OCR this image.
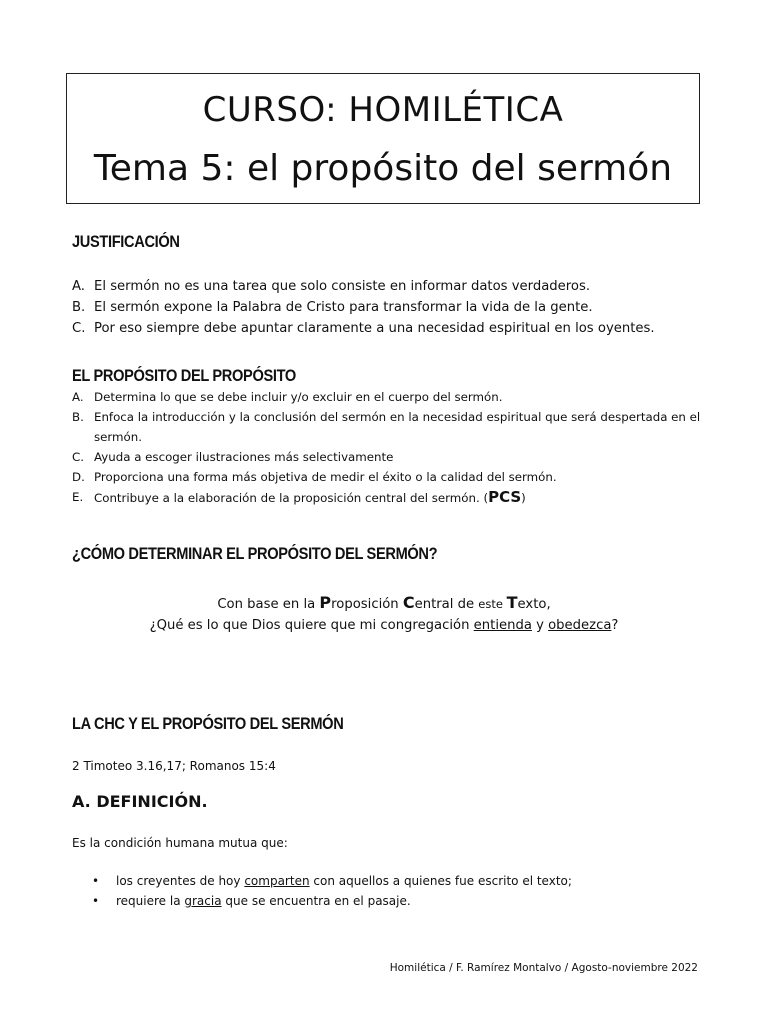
CURSO: HOMILÉTICA
Tema 5: el propósito del sermón
JUSTIFICACIÓN
A. El sermón no es una tarea que solo consiste en informar datos verdaderos.
B. El sermón expone la Palabra de Cristo para transformar la vida de la gente.
C. Por eso siempre debe apuntar claramente a una necesidad espiritual en los oyentes.
EL PROPÓSITO DEL PROPÓSITO
A. Determina lo que se debe incluir y/o excluir en el cuerpo del sermón.
B. Enfoca la introducción y la conclusión del sermón en la necesidad espiritual que será despertada en el sermón.
C. Ayuda a escoger ilustraciones más selectivamente
D. Proporciona una forma más objetiva de medir el éxito o la calidad del sermón.
E. Contribuye a la elaboración de la proposición central del sermón. (PCS)
¿CÓMO DETERMINAR EL PROPÓSITO DEL SERMÓN?
Con base en la Proposición Central de este Texto,
¿Qué es lo que Dios quiere que mi congregación entienda y obedezca?
LA CHC Y EL PROPÓSITO DEL SERMÓN
2 Timoteo 3.16,17; Romanos 15:4
A. DEFINICIÓN.
Es la condición humana mutua que:
• los creyentes de hoy comparten con aquellos a quienes fue escrito el texto;
• requiere la gracia que se encuentra en el pasaje.
Homilética / F. Ramírez Montalvo / Agosto-noviembre 2022
